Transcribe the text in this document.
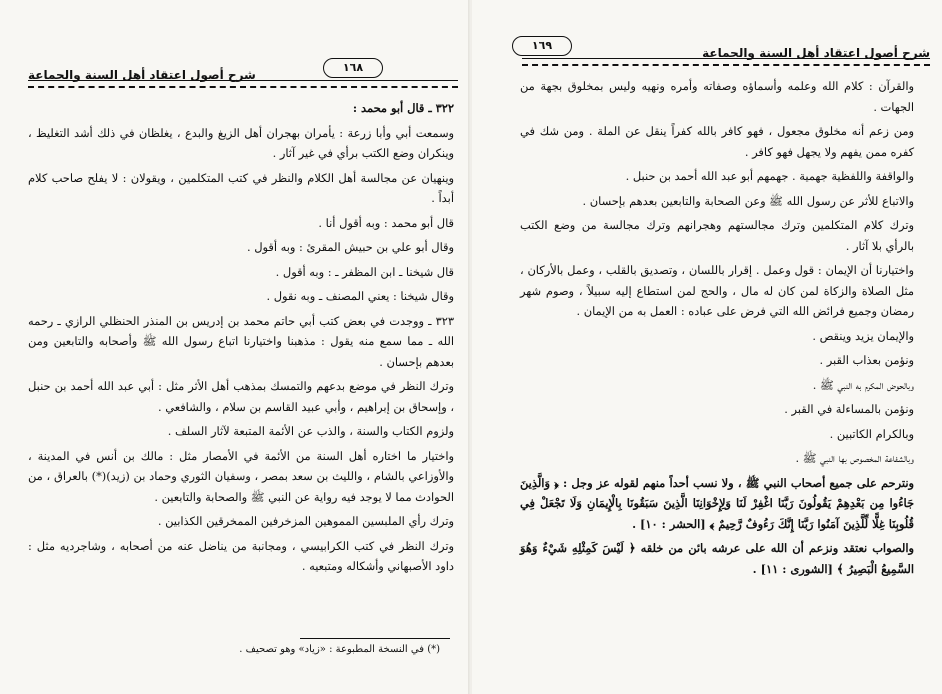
١٦٨
شرح أصول اعتقاد أهل السنة والجماعة

٣٢٢ ـ قال أبو محمد :

وسمعت أبي وأبا زرعة : يأمران بهجران أهل الزيغ والبدع ، يغلظان في ذلك أشد التغليظ ، وينكران وضع الكتب برأي في غير آثار .

وينهيان عن مجالسة أهل الكلام والنظر في كتب المتكلمين ، ويقولان : لا يفلح صاحب كلام أبداً .

قال أبو محمد : وبه أقول أنا .

وقال أبو علي بن حبيش المقرئ : وبه أقول .

قال شيخنا ـ ابن المظفر ـ : وبه أقول .

وقال شيخنا : يعني المصنف ـ وبه نقول .

٣٢٣ ـ ووجدت في بعض كتب أبي حاتم محمد بن إدريس بن المنذر الحنظلي الرازي ـ رحمه الله ـ مما سمع منه يقول : مذهبنا واختيارنا اتباع رسول الله ﷺ وأصحابه والتابعين ومن بعدهم بإحسان .

وترك النظر في موضع بدعهم والتمسك بمذهب أهل الأثر مثل : أبي عبد الله أحمد بن حنبل ، وإسحاق بن إبراهيم ، وأبي عبيد القاسم بن سلام ، والشافعي .

ولزوم الكتاب والسنة ، والذب عن الأئمة المتبعة لآثار السلف .

واختيار ما اختاره أهل السنة من الأئمة في الأمصار مثل : مالك بن أنس في المدينة ، والأوزاعي بالشام ، والليث بن سعد بمصر ، وسفيان الثوري وحماد بن (زيد)(*) بالعراق ، من الحوادث مما لا يوجد فيه رواية عن النبي ﷺ والصحابة والتابعين .

وترك رأي الملبسين المموهين المزخرفين الممخرقين الكذابين .

وترك النظر في كتب الكرابيسي ، ومجانبة من يناضل عنه من أصحابه ، وشاجرديه مثل : داود الأصبهاني وأشكاله ومتبعيه .

(*) في النسخة المطبوعة : «زياد» وهو تصحيف .
١٦٩
شرح أصول اعتقاد أهل السنة والجماعة

والقرآن : كلام الله وعلمه وأسماؤه وصفاته وأمره ونهيه وليس بمخلوق بجهة من الجهات .

ومن زعم أنه مخلوق مجعول ، فهو كافر بالله كفراً ينقل عن الملة . ومن شك في كفره ممن يفهم ولا يجهل فهو كافر .

والواقفة واللفظية جهمية . جهمهم أبو عبد الله أحمد بن حنبل .

والاتباع للأثر عن رسول الله ﷺ وعن الصحابة والتابعين بعدهم بإحسان .

وترك كلام المتكلمين وترك مجالستهم وهجرانهم وترك مجالسة من وضع الكتب بالرأي بلا آثار .

واختيارنا أن الإيمان : قول وعمل . إقرار باللسان ، وتصديق بالقلب ، وعمل بالأركان ، مثل الصلاة والزكاة لمن كان له مال ، والحج لمن استطاع إليه سبيلاً ، وصوم شهر رمضان وجميع فرائض الله التي فرض على عباده : العمل به من الإيمان .

والإيمان يزيد وينقص .

ونؤمن بعذاب القبر .

وبالحوض المكرم به النبي ﷺ .

ونؤمن بالمساءلة في القبر .

وبالكرام الكاتبين .

وبالشفاعة المخصوص بها النبي ﷺ .

ونترحم على جميع أصحاب النبي ﷺ ، ولا نسب أحداً منهم لقوله عز وجل : ﴿ وَالَّذِينَ جَاءُوا مِن بَعْدِهِمْ يَقُولُونَ رَبَّنَا اغْفِرْ لَنَا وَلِإِخْوَانِنَا الَّذِينَ سَبَقُونَا بِالْإِيمَانِ وَلَا تَجْعَلْ فِي قُلُوبِنَا غِلًّا لِّلَّذِينَ آمَنُوا رَبَّنَا إِنَّكَ رَءُوفٌ رَّحِيمٌ ﴾ [الحشر : ١٠] .

والصواب نعتقد ونزعم أن الله على عرشه بائن من خلقه ﴿ لَيْسَ كَمِثْلِهِ شَيْءٌ وَهُوَ السَّمِيعُ الْبَصِيرُ ﴾ [الشورى : ١١] .
